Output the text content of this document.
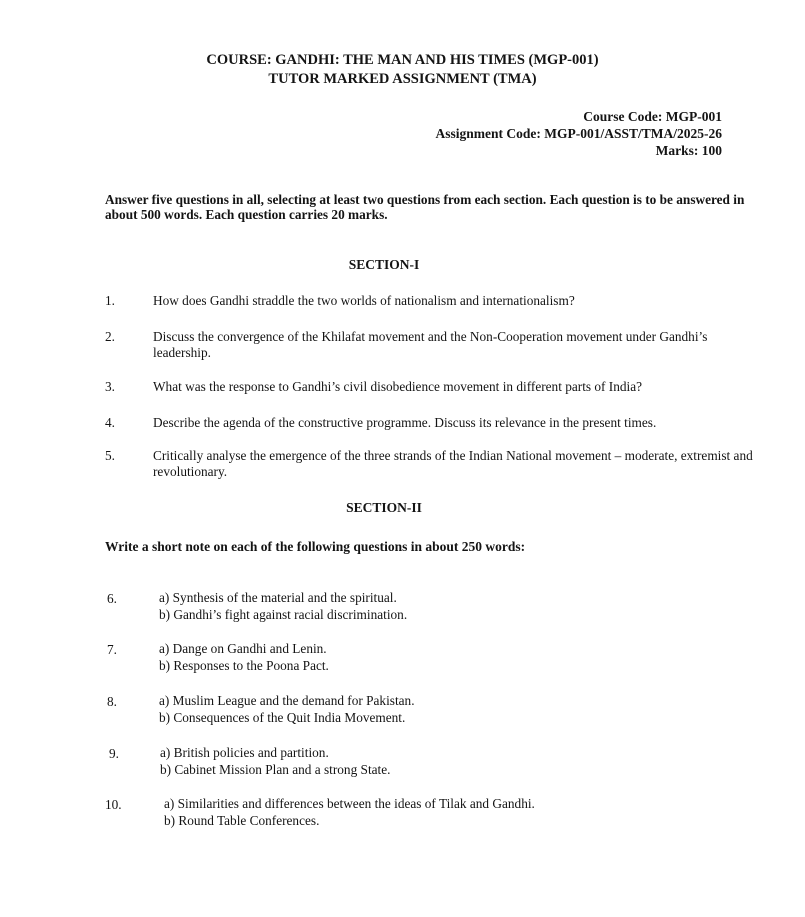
COURSE: GANDHI: THE MAN AND HIS TIMES (MGP-001)
TUTOR MARKED ASSIGNMENT (TMA)
Course Code: MGP-001
Assignment Code: MGP-001/ASST/TMA/2025-26
Marks: 100
Answer five questions in all, selecting at least two questions from each section. Each question is to be answered in about 500 words. Each question carries 20 marks.
SECTION-I
1.	How does Gandhi straddle the two worlds of nationalism and internationalism?
2.	Discuss the convergence of the Khilafat movement and the Non-Cooperation movement under Gandhi’s leadership.
3.	What was the response to Gandhi’s civil disobedience movement in different parts of India?
4.	Describe the agenda of the constructive programme. Discuss its relevance in the present times.
5.	Critically analyse the emergence of the three strands of the Indian National movement – moderate, extremist and revolutionary.
SECTION-II
Write a short note on each of the following questions in about 250 words:
6.	a) Synthesis of the material and the spiritual.
b) Gandhi’s fight against racial discrimination.
7.	a) Dange on Gandhi and Lenin.
b) Responses to the Poona Pact.
8.	a) Muslim League and the demand for Pakistan.
b) Consequences of the Quit India Movement.
9.	a) British policies and partition.
b) Cabinet Mission Plan and a strong State.
10.	a) Similarities and differences between the ideas of Tilak and Gandhi.
b) Round Table Conferences.
